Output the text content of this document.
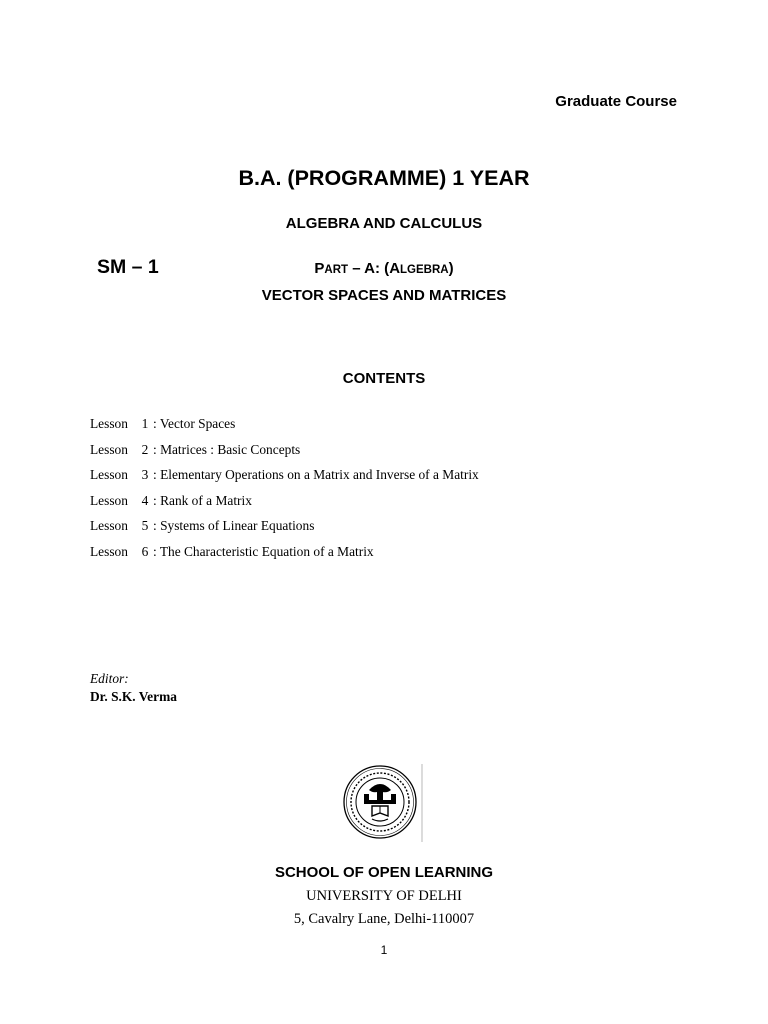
Graduate Course
B.A. (PROGRAMME) 1 YEAR
ALGEBRA AND CALCULUS
SM – 1	PART – A: (ALGEBRA)
VECTOR SPACES AND MATRICES
CONTENTS
Lesson 1 : Vector Spaces
Lesson 2 : Matrices : Basic Concepts
Lesson 3 : Elementary Operations on a Matrix and Inverse of a Matrix
Lesson 4 : Rank of a Matrix
Lesson 5 : Systems of Linear Equations
Lesson 6 : The Characteristic Equation of a Matrix
Editor:
Dr. S.K. Verma
SCHOOL OF OPEN LEARNING
UNIVERSITY OF DELHI
5, Cavalry Lane, Delhi-110007
1
